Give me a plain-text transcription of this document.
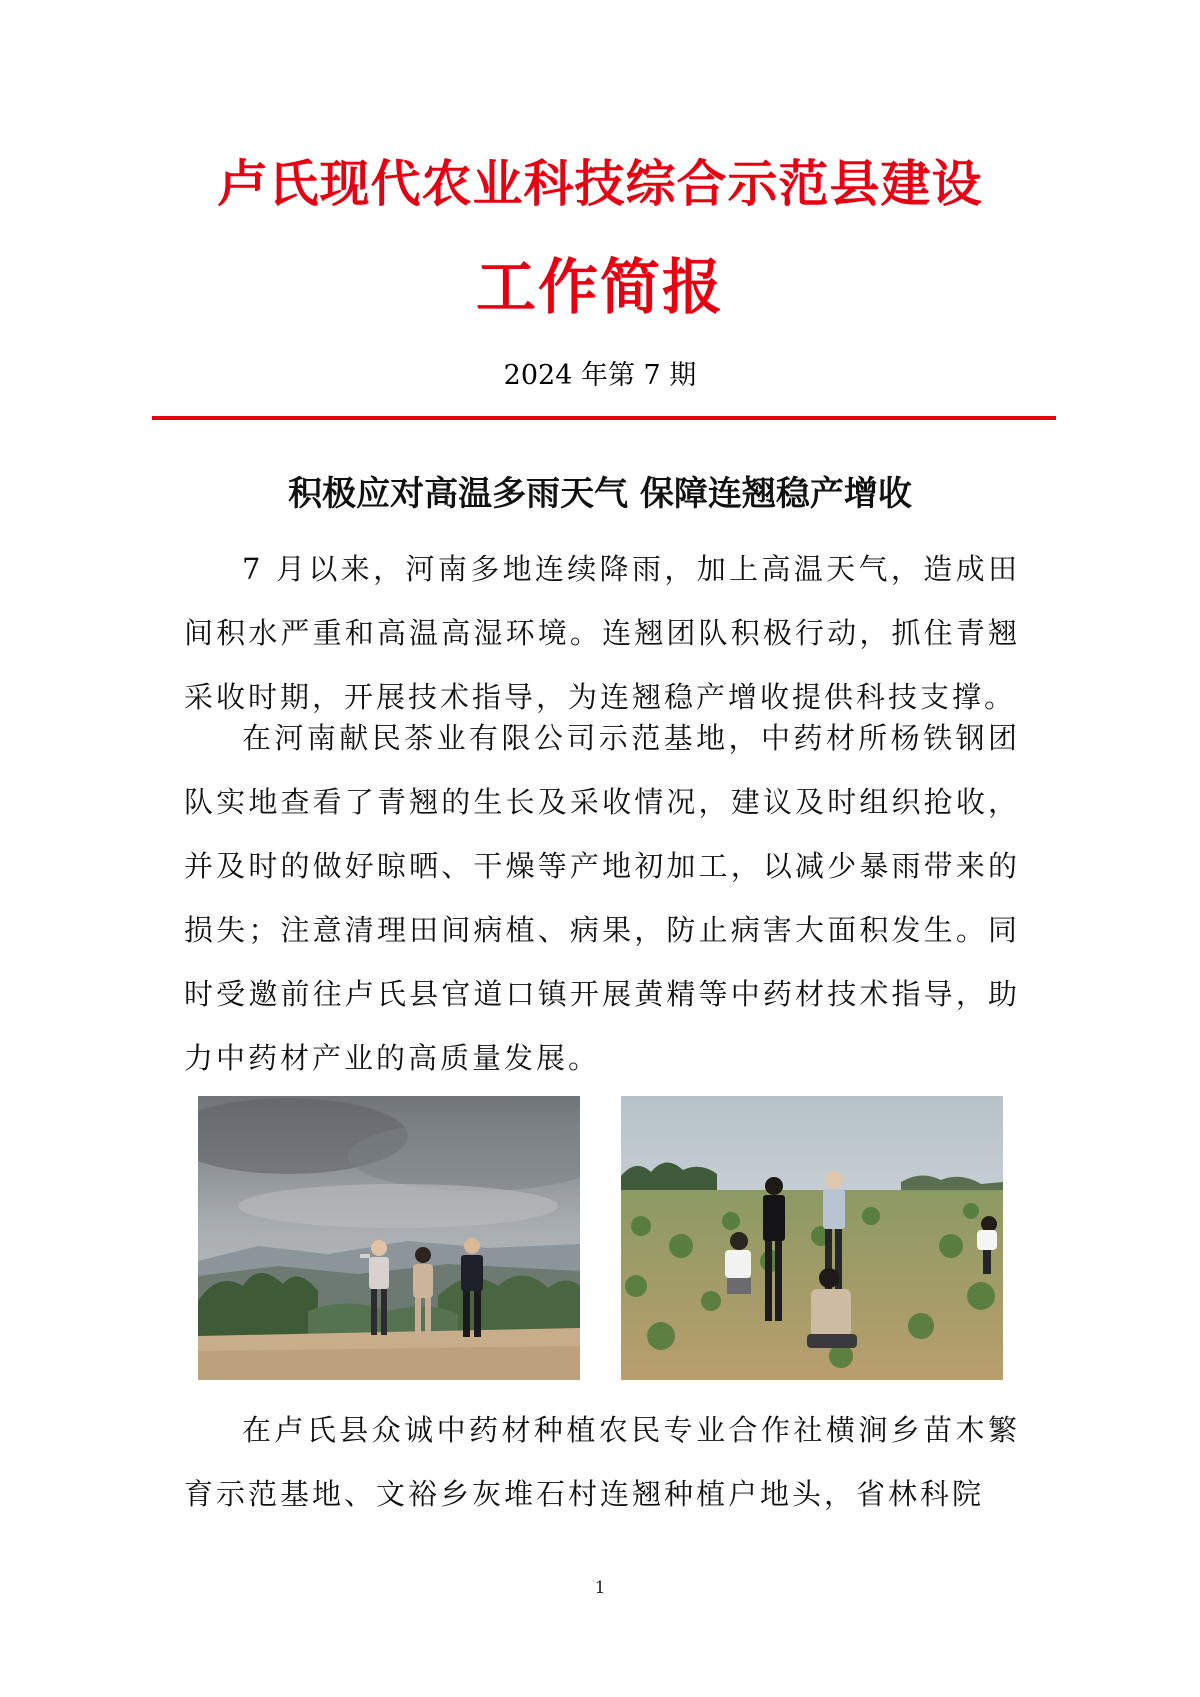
卢氏现代农业科技综合示范县建设
工作简报
2024 年第 7 期
积极应对高温多雨天气 保障连翘稳产增收

7 月以来，河南多地连续降雨，加上高温天气，造成田间积水严重和高温高湿环境。连翘团队积极行动，抓住青翘采收时期，开展技术指导，为连翘稳产增收提供科技支撑。

在河南献民茶业有限公司示范基地，中药材所杨铁钢团队实地查看了青翘的生长及采收情况，建议及时组织抢收，并及时的做好晾晒、干燥等产地初加工，以减少暴雨带来的损失；注意清理田间病植、病果，防止病害大面积发生。同时受邀前往卢氏县官道口镇开展黄精等中药材技术指导，助力中药材产业的高质量发展。

在卢氏县众诚中药材种植农民专业合作社横涧乡苗木繁育示范基地、文裕乡灰堆石村连翘种植户地头，省林科院

1
